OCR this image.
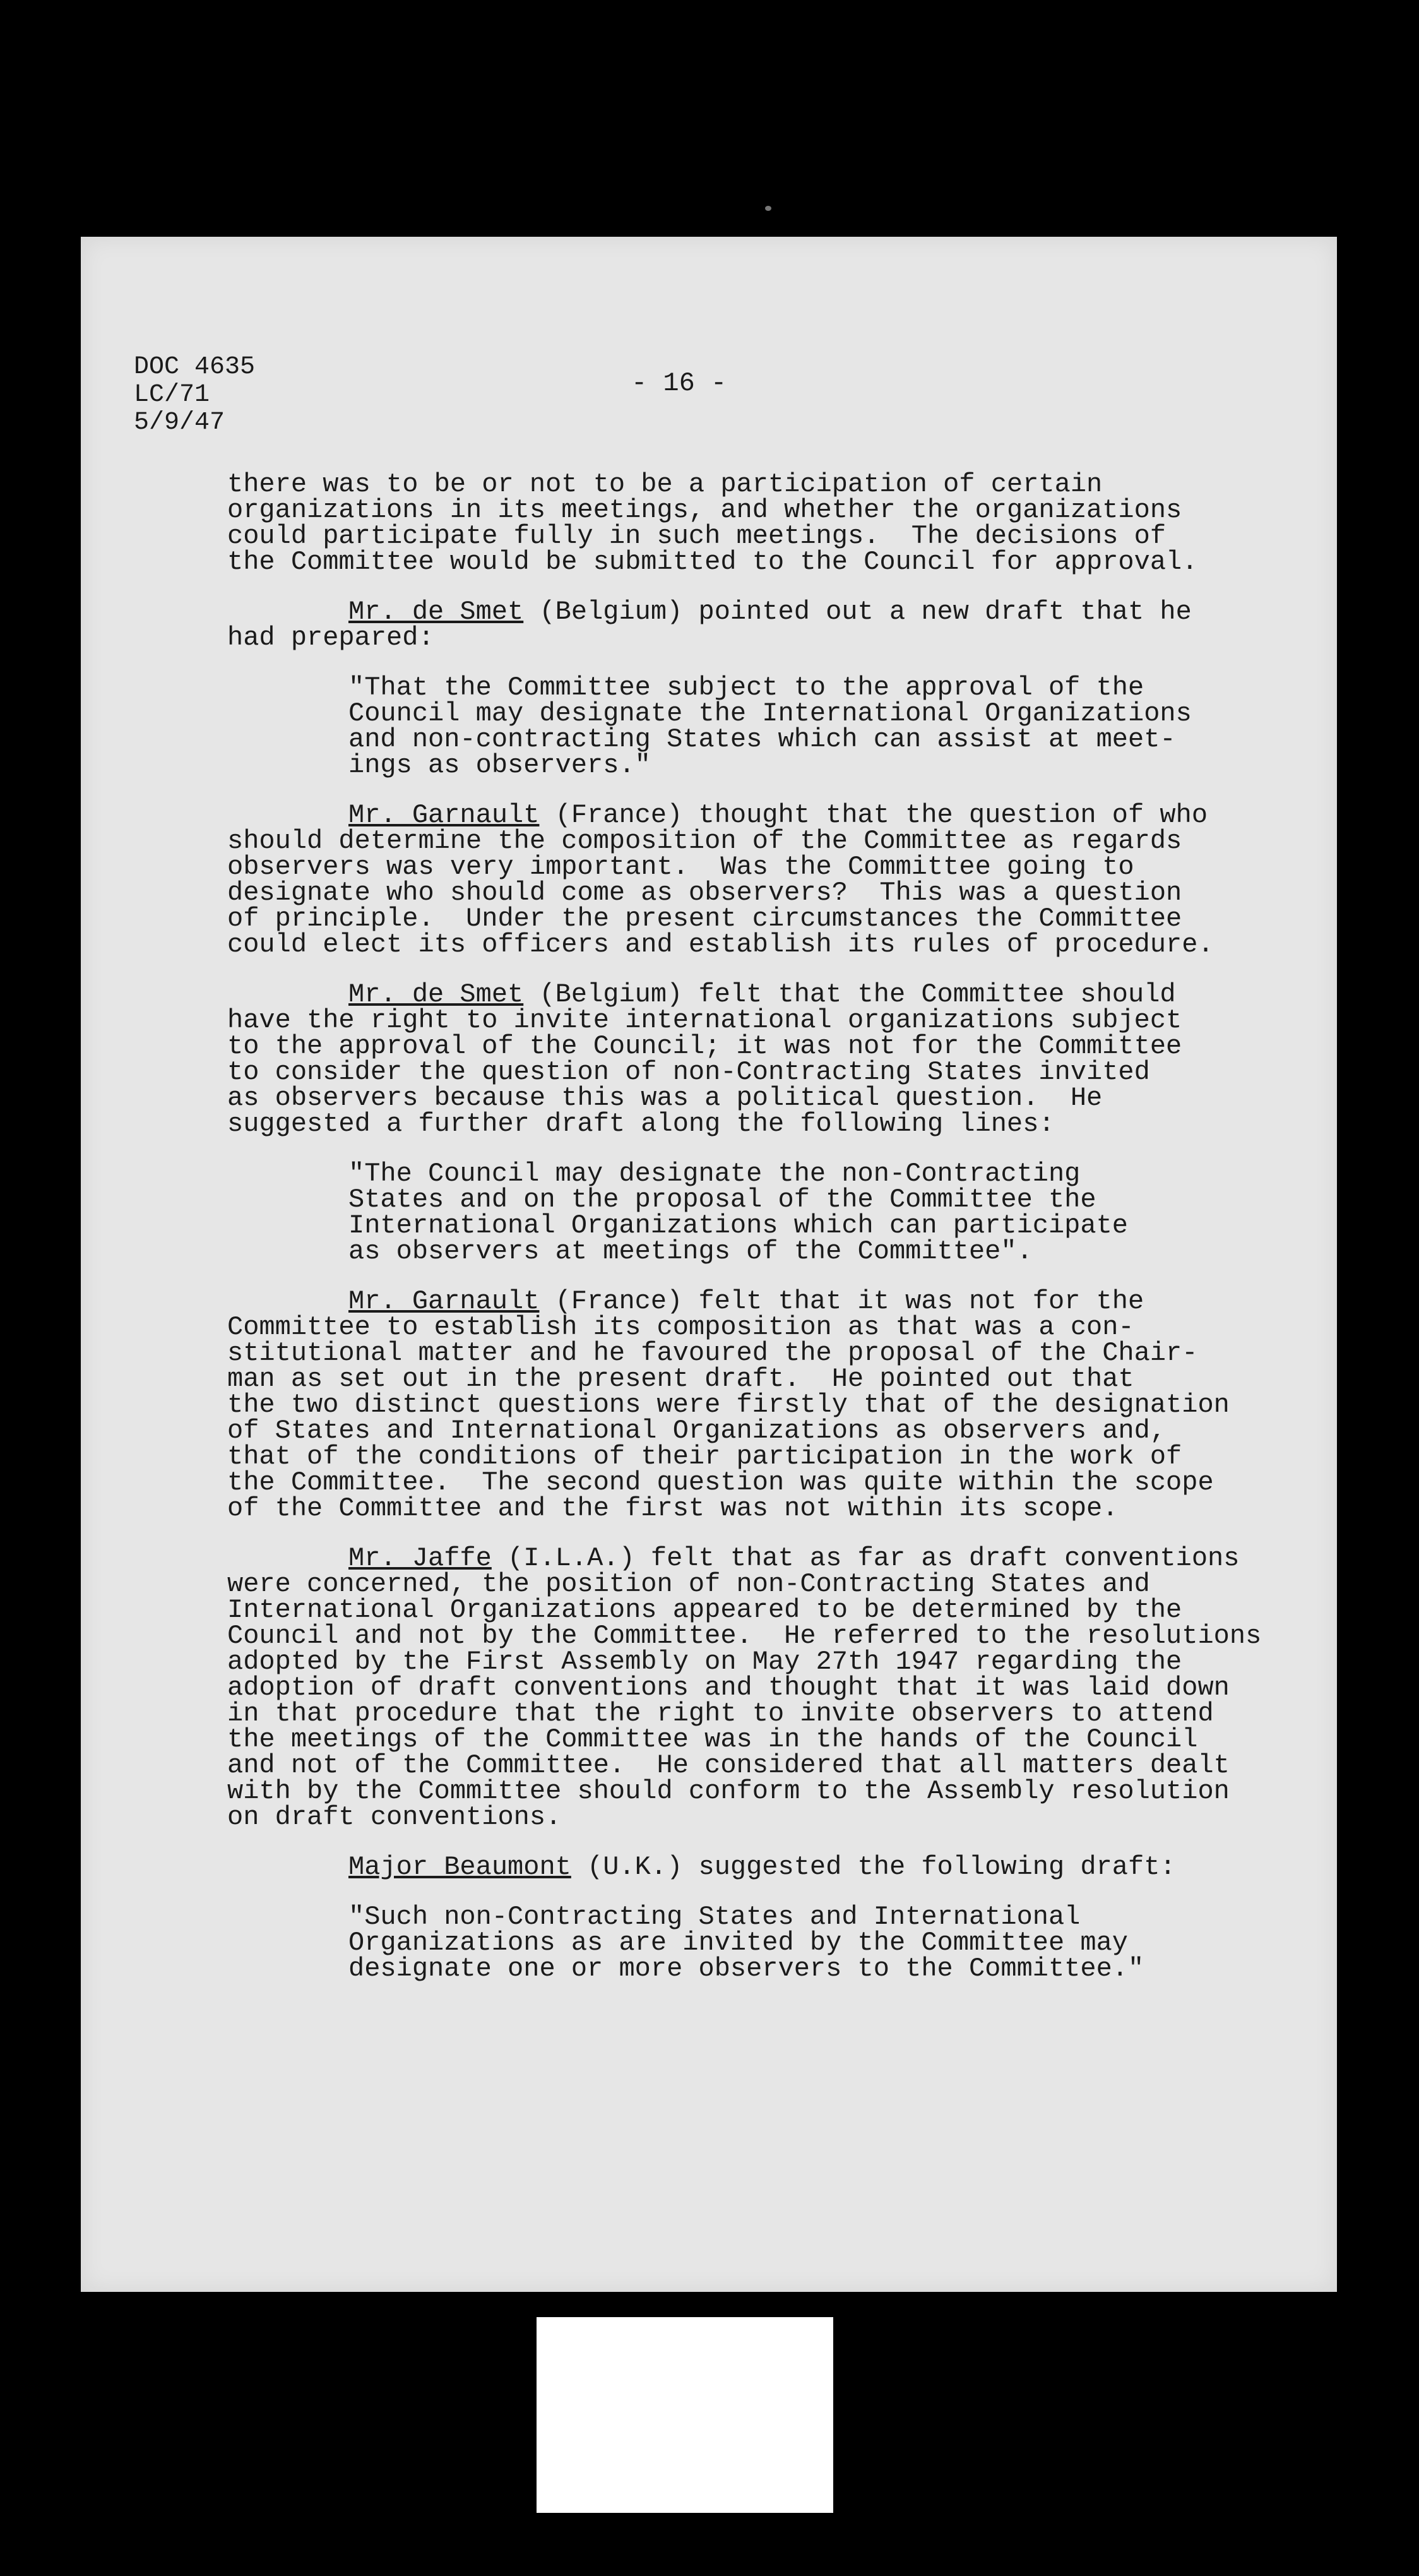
DOC 4635
LC/71
5/9/47
- 16 -
there was to be or not to be a participation of certain
organizations in its meetings, and whether the organizations
could participate fully in such meetings.  The decisions of
the Committee would be submitted to the Council for approval.
Mr. de Smet (Belgium) pointed out a new draft that he
had prepared:
"That the Committee subject to the approval of the
Council may designate the International Organizations
and non-contracting States which can assist at meet-
ings as observers."
Mr. Garnault (France) thought that the question of who
should determine the composition of the Committee as regards
observers was very important.  Was the Committee going to
designate who should come as observers?  This was a question
of principle.  Under the present circumstances the Committee
could elect its officers and establish its rules of procedure.
Mr. de Smet (Belgium) felt that the Committee should
have the right to invite international organizations subject
to the approval of the Council; it was not for the Committee
to consider the question of non-Contracting States invited
as observers because this was a political question.  He
suggested a further draft along the following lines:
"The Council may designate the non-Contracting
States and on the proposal of the Committee the
International Organizations which can participate
as observers at meetings of the Committee".
Mr. Garnault (France) felt that it was not for the
Committee to establish its composition as that was a con-
stitutional matter and he favoured the proposal of the Chair-
man as set out in the present draft.  He pointed out that
the two distinct questions were firstly that of the designation
of States and International Organizations as observers and,
that of the conditions of their participation in the work of
the Committee.  The second question was quite within the scope
of the Committee and the first was not within its scope.
Mr. Jaffe (I.L.A.) felt that as far as draft conventions
were concerned, the position of non-Contracting States and
International Organizations appeared to be determined by the
Council and not by the Committee.  He referred to the resolutions
adopted by the First Assembly on May 27th 1947 regarding the
adoption of draft conventions and thought that it was laid down
in that procedure that the right to invite observers to attend
the meetings of the Committee was in the hands of the Council
and not of the Committee.  He considered that all matters dealt
with by the Committee should conform to the Assembly resolution
on draft conventions.
Major Beaumont (U.K.) suggested the following draft:
"Such non-Contracting States and International
Organizations as are invited by the Committee may
designate one or more observers to the Committee."
